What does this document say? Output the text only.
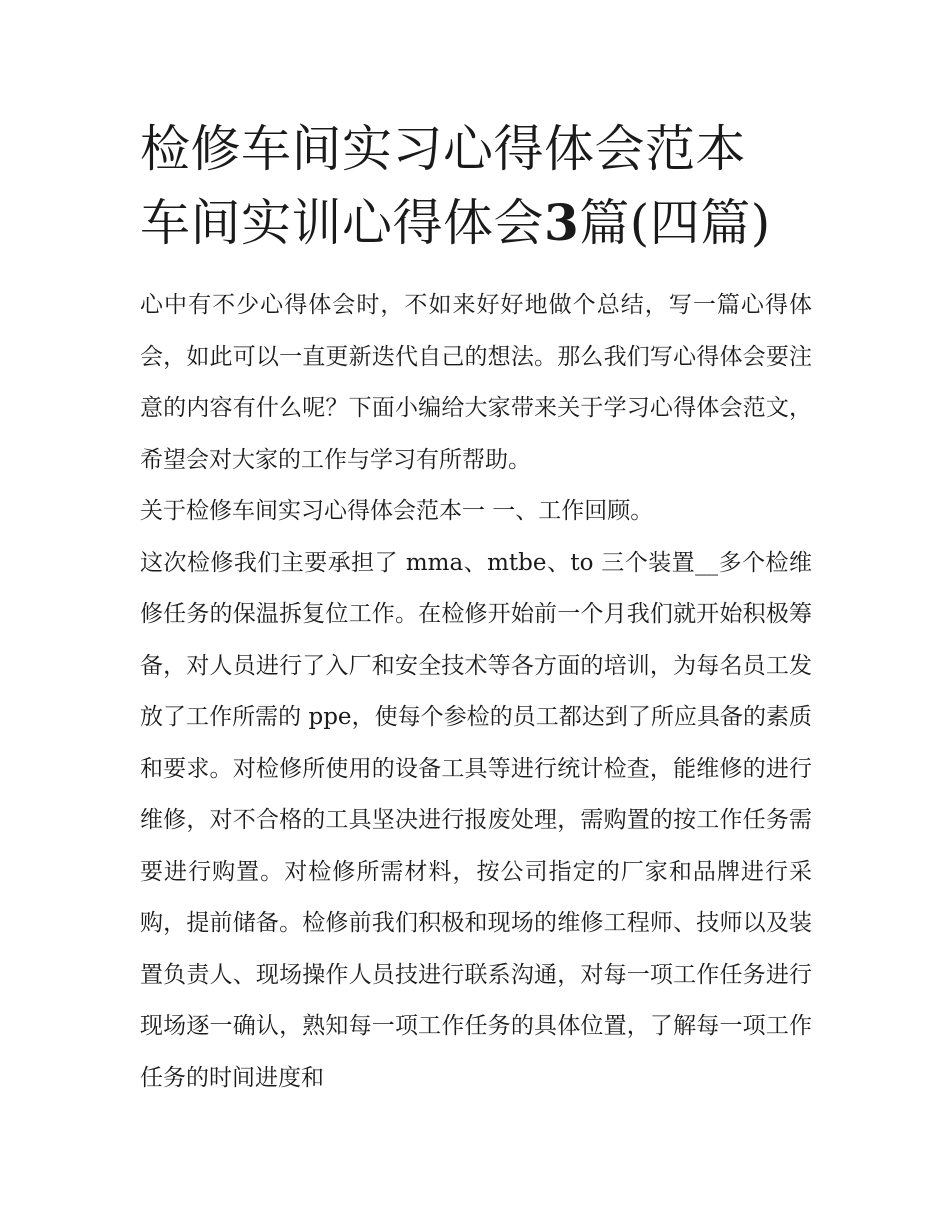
检修车间实习心得体会范本 车间实训心得体会3篇(四篇)

心中有不少心得体会时，不如来好好地做个总结，写一篇心得体会，如此可以一直更新迭代自己的想法。那么我们写心得体会要注意的内容有什么呢？下面小编给大家带来关于学习心得体会范文，希望会对大家的工作与学习有所帮助。

关于检修车间实习心得体会范本一 一、工作回顾。

这次检修我们主要承担了 mma、mtbe、to 三个装置__多个检维修任务的保温拆复位工作。在检修开始前一个月我们就开始积极筹备，对人员进行了入厂和安全技术等各方面的培训，为每名员工发放了工作所需的 ppe，使每个参检的员工都达到了所应具备的素质和要求。对检修所使用的设备工具等进行统计检查，能维修的进行维修，对不合格的工具坚决进行报废处理，需购置的按工作任务需要进行购置。对检修所需材料，按公司指定的厂家和品牌进行采购，提前储备。检修前我们积极和现场的维修工程师、技师以及装置负责人、现场操作人员技进行联系沟通，对每一项工作任务进行现场逐一确认，熟知每一项工作任务的具体位置，了解每一项工作任务的时间进度和
